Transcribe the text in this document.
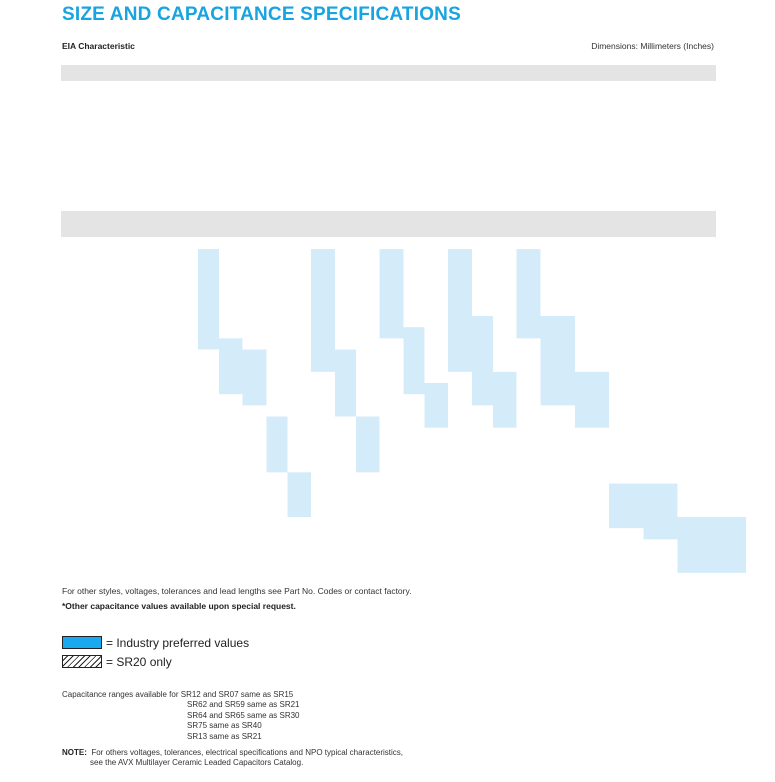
SIZE AND CAPACITANCE SPECIFICATIONS
EIA Characteristic	Dimensions: Millimeters (Inches)
For other styles, voltages, tolerances and lead lengths see Part No. Codes or contact factory.
*Other capacitance values available upon special request.
= Industry preferred values
= SR20 only
Capacitance ranges available for SR12 and SR07 same as SR15
SR62 and SR59 same as SR21
SR64 and SR65 same as SR30
SR75 same as SR40
SR13 same as SR21
NOTE: For others voltages, tolerances, electrical specifications and NPO typical characteristics,
see the AVX Multilayer Ceramic Leaded Capacitors Catalog.
